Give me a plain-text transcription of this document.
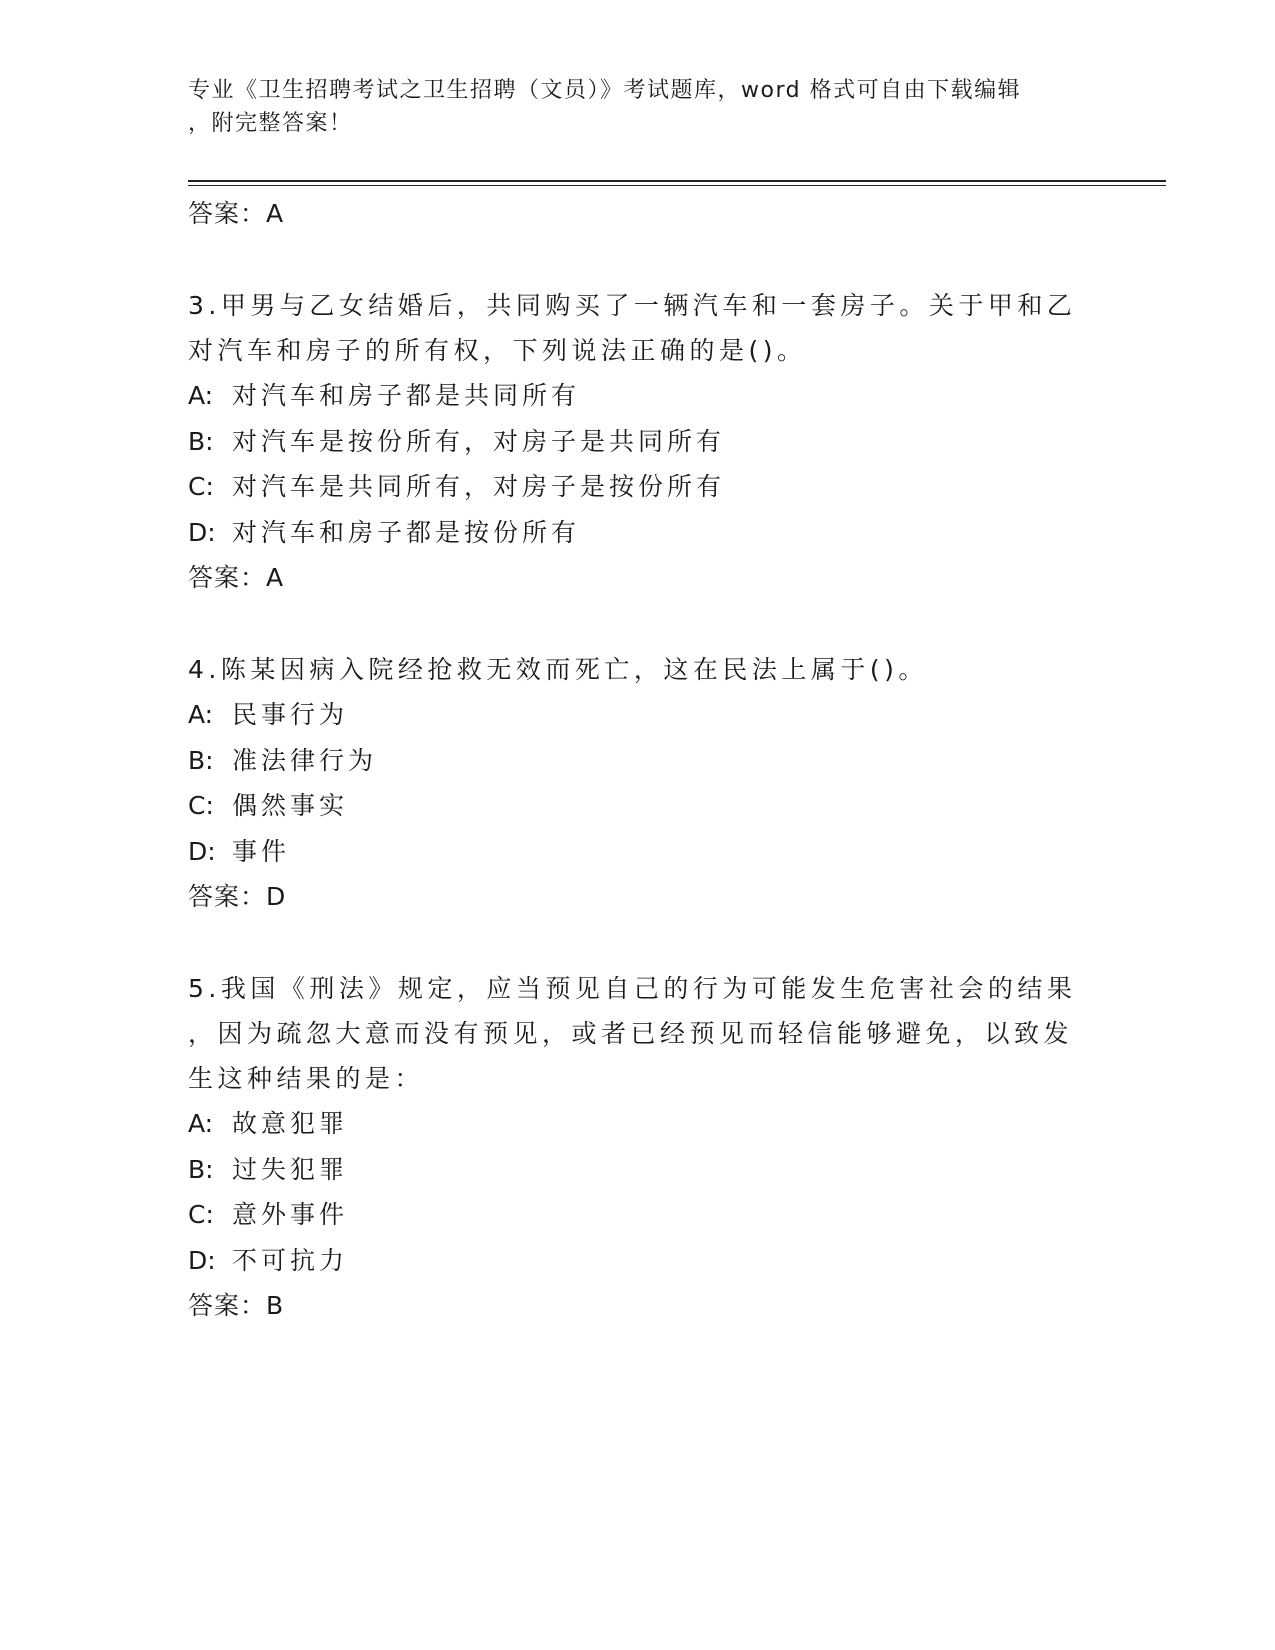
专业《卫生招聘考试之卫生招聘（文员）》考试题库，word 格式可自由下载编辑
，附完整答案！
答案：A
3.甲男与乙女结婚后，共同购买了一辆汽车和一套房子。关于甲和乙
对汽车和房子的所有权，下列说法正确的是()。
A: 对汽车和房子都是共同所有
B: 对汽车是按份所有，对房子是共同所有
C: 对汽车是共同所有，对房子是按份所有
D: 对汽车和房子都是按份所有
答案：A
4.陈某因病入院经抢救无效而死亡，这在民法上属于()。
A: 民事行为
B: 准法律行为
C: 偶然事实
D: 事件
答案：D
5.我国《刑法》规定，应当预见自己的行为可能发生危害社会的结果
，因为疏忽大意而没有预见，或者已经预见而轻信能够避免，以致发
生这种结果的是：
A: 故意犯罪
B: 过失犯罪
C: 意外事件
D: 不可抗力
答案：B
